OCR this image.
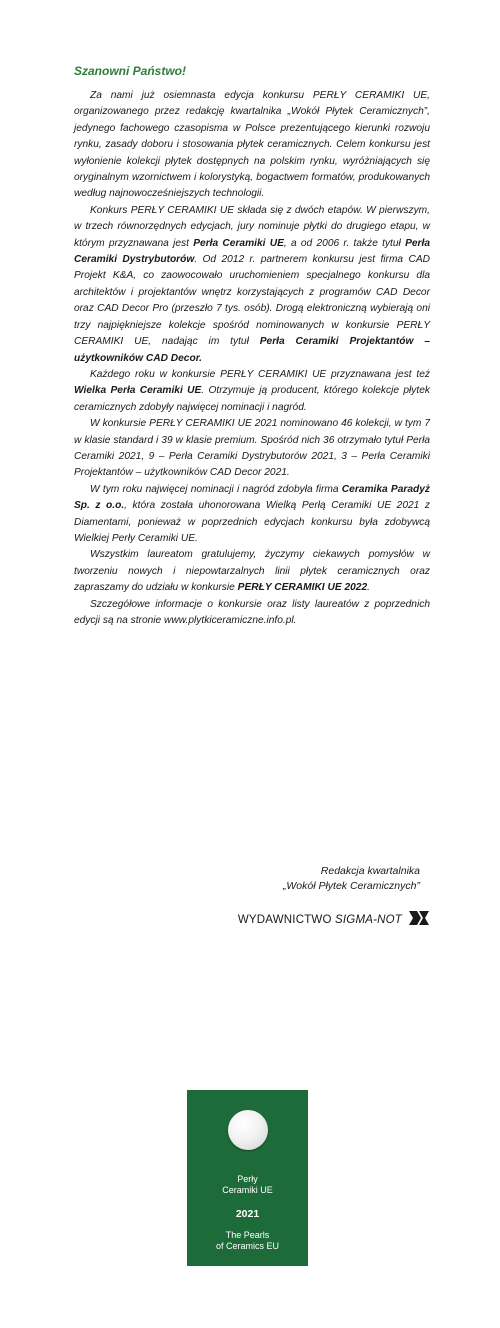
Szanowni Państwo!

Za nami już osiemnasta edycja konkursu PERŁY CERAMIKI UE, organizowanego przez redakcję kwartalnika „Wokół Płytek Ceramicznych”, jedynego fachowego czasopisma w Polsce prezentującego kierunki rozwoju rynku, zasady doboru i stosowania płytek ceramicznych. Celem konkursu jest wyłonienie kolekcji płytek dostępnych na polskim rynku, wyróżniających się oryginalnym wzornictwem i kolorystyką, bogactwem formatów, produkowanych według najnowocześniejszych technologii.

Konkurs PERŁY CERAMIKI UE składa się z dwóch etapów. W pierwszym, w trzech równorzędnych edycjach, jury nominuje płytki do drugiego etapu, w którym przyznawana jest Perła Ceramiki UE, a od 2006 r. także tytuł Perła Ceramiki Dystrybutorów. Od 2012 r. partnerem konkursu jest firma CAD Projekt K&A, co zaowocowało uruchomieniem specjalnego konkursu dla architektów i projektantów wnętrz korzystających z programów CAD Decor oraz CAD Decor Pro (przeszło 7 tys. osób). Drogą elektroniczną wybierają oni trzy najpiękniejsze kolekcje spośród nominowanych w konkursie PERŁY CERAMIKI UE, nadając im tytuł Perła Ceramiki Projektantów – użytkowników CAD Decor.

Każdego roku w konkursie PERŁY CERAMIKI UE przyznawana jest też Wielka Perła Ceramiki UE. Otrzymuje ją producent, którego kolekcje płytek ceramicznych zdobyły najwięcej nominacji i nagród.

W konkursie PERŁY CERAMIKI UE 2021 nominowano 46 kolekcji, w tym 7 w klasie standard i 39 w klasie premium. Spośród nich 36 otrzymało tytuł Perła Ceramiki 2021, 9 – Perła Ceramiki Dystrybutorów 2021, 3 – Perła Ceramiki Projektantów – użytkowników CAD Decor 2021.

W tym roku najwięcej nominacji i nagród zdobyła firma Ceramika Paradyż Sp. z o.o., która została uhonorowana Wielką Perłą Ceramiki UE 2021 z Diamentami, ponieważ w poprzednich edycjach konkursu była zdobywcą Wielkiej Perły Ceramiki UE.

Wszystkim laureatom gratulujemy, życzymy ciekawych pomysłów w tworzeniu nowych i niepowtarzalnych linii płytek ceramicznych oraz zapraszamy do udziału w konkursie PERŁY CERAMIKI UE 2022.

Szczegółowe informacje o konkursie oraz listy laureatów z poprzednich edycji są na stronie www.plytkiceramiczne.info.pl.

Redakcja kwartalnika
„Wokół Płytek Ceramicznych”
WYDAWNICTWO SIGMA-NOT
Perły
Ceramiki UE
2021
The Pearls
of Ceramics EU
